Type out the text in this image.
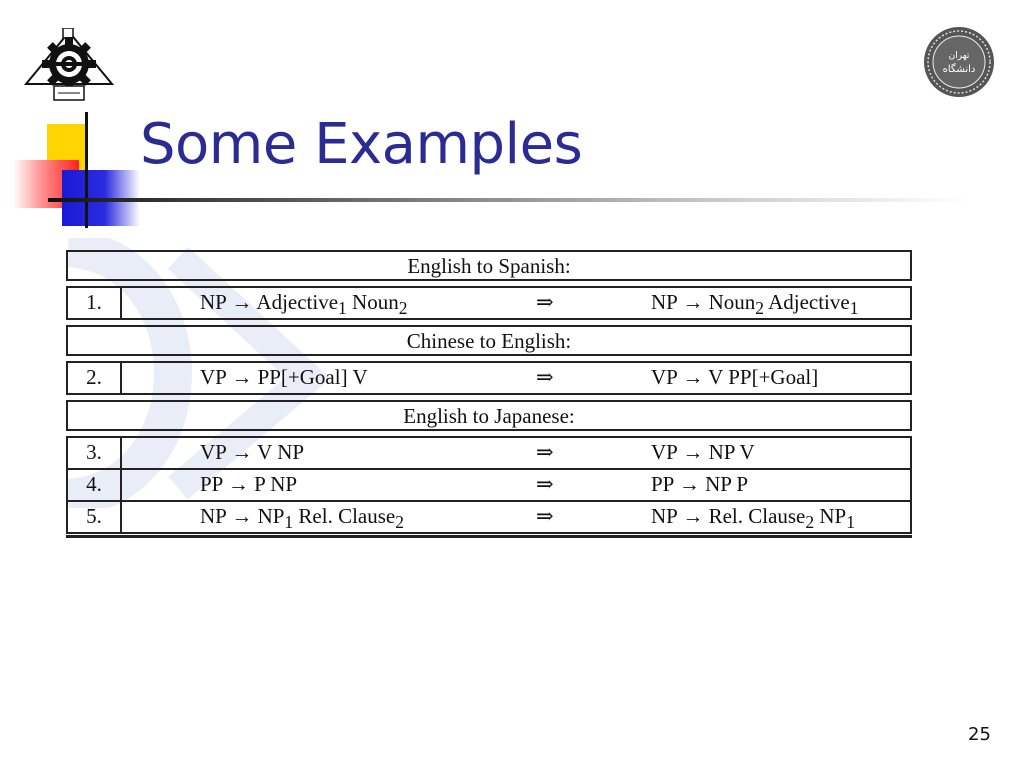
تهران
دانشگاه
Some Examples
English to Spanish:
1.	NP → Adjective$_1$ Noun$_2$	⇒	NP → Noun$_2$ Adjective$_1$
Chinese to English:
2.	VP → PP[+Goal] V	⇒	VP → V PP[+Goal]
English to Japanese:
3.	VP → V NP	⇒	VP → NP V
4.	PP → P NP	⇒	PP → NP P
5.	NP → $NP_1$ Rel. Clause$_2$	⇒	NP → Rel. Clause$_2$ $NP_1$
25
